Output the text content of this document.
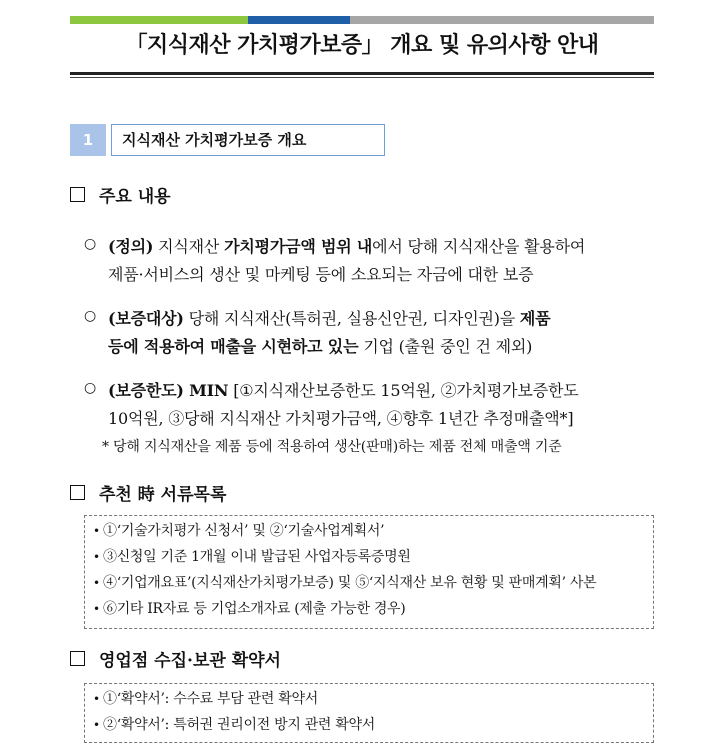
「지식재산 가치평가보증」 개요 및 유의사항 안내
1	지식재산 가치평가보증 개요
주요 내용
○ (정의) 지식재산 가치평가금액 범위 내에서 당해 지식재산을 활용하여
제품·서비스의 생산 및 마케팅 등에 소요되는 자금에 대한 보증
○ (보증대상) 당해 지식재산(특허권, 실용신안권, 디자인권)을 제품
등에 적용하여 매출을 시현하고 있는 기업 (출원 중인 건 제외)
○ (보증한도) MIN [①지식재산보증한도 15억원, ②가치평가보증한도
10억원, ③당해 지식재산 가치평가금액, ④향후 1년간 추정매출액*]
* 당해 지식재산을 제품 등에 적용하여 생산(판매)하는 제품 전체 매출액 기준
추천 時 서류목록
• ①‘기술가치평가 신청서’ 및 ②‘기술사업계획서’
• ③신청일 기준 1개월 이내 발급된 사업자등록증명원
• ④‘기업개요표’(지식재산가치평가보증) 및 ⑤‘지식재산 보유 현황 및 판매계획’ 사본
• ⑥기타 IR자료 등 기업소개자료 (제출 가능한 경우)
영업점 수집·보관 확약서
• ①‘확약서’: 수수료 부담 관련 확약서
• ②‘확약서’: 특허권 권리이전 방지 관련 확약서
